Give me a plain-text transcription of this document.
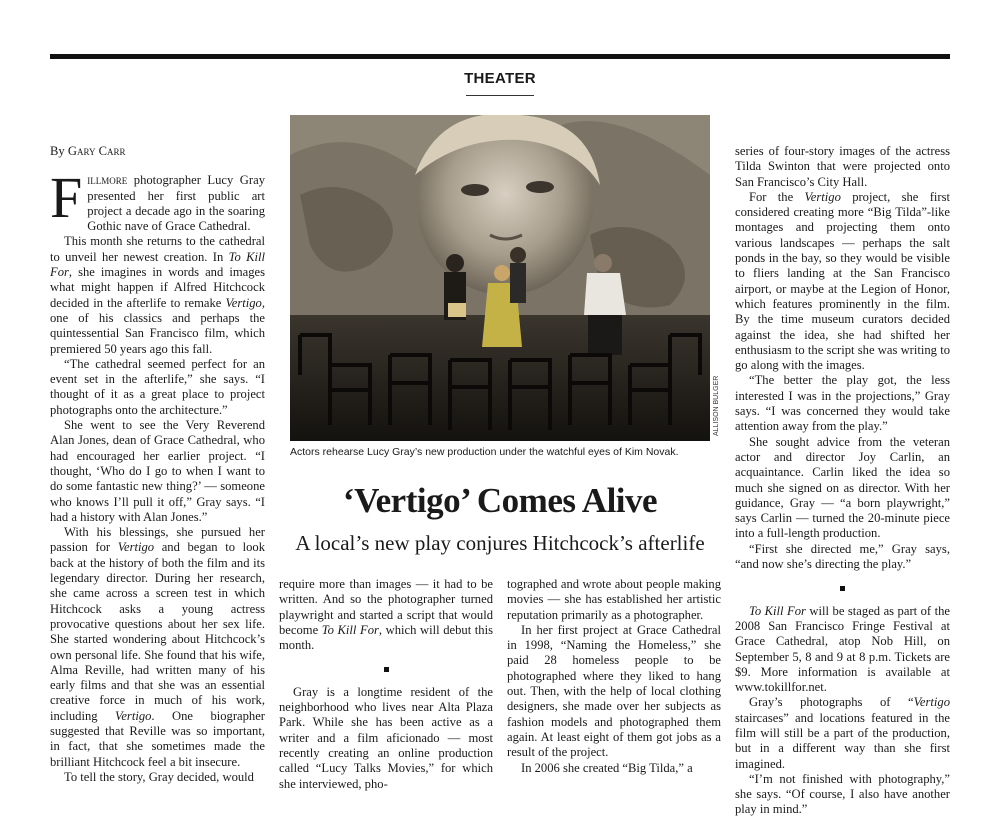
THEATER
ALLISON BULGER
Actors rehearse Lucy Gray’s new production under the watchful eyes of Kim Novak.
‘Vertigo’ Comes Alive
A local’s new play conjures Hitchcock’s afterlife
By Gary Carr

Fillmore photographer Lucy Gray presented her first public art project a decade ago in the soaring Gothic nave of Grace Cathedral.

This month she returns to the cathedral to unveil her newest creation. In To Kill For, she imagines in words and images what might happen if Alfred Hitchcock decided in the afterlife to remake Vertigo, one of his classics and perhaps the quintessential San Francisco film, which premiered 50 years ago this fall.

“The cathedral seemed perfect for an event set in the afterlife,” she says. “I thought of it as a great place to project photographs onto the architecture.”

She went to see the Very Reverend Alan Jones, dean of Grace Cathedral, who had encouraged her earlier project. “I thought, ‘Who do I go to when I want to do some fantastic new thing?’ — someone who knows I’ll pull it off,” Gray says. “I had a history with Alan Jones.”

With his blessings, she pursued her passion for Vertigo and began to look back at the history of both the film and its legendary director. During her research, she came across a screen test in which Hitchcock asks a young actress provocative questions about her sex life. She started wondering about Hitchcock’s own personal life. She found that his wife, Alma Reville, had written many of his early films and that she was an essential creative force in much of his work, including Vertigo. One biographer suggested that Reville was so important, in fact, that she sometimes made the brilliant Hitchcock feel a bit insecure.

To tell the story, Gray decided, would

require more than images — it had to be written. And so the photographer turned playwright and started a script that would become To Kill For, which will debut this month.

Gray is a longtime resident of the neighborhood who lives near Alta Plaza Park. While she has been active as a writer and a film aficionado — most recently creating an online production called “Lucy Talks Movies,” for which she interviewed, pho-

tographed and wrote about people making movies — she has established her artistic reputation primarily as a photographer.

In her first project at Grace Cathedral in 1998, “Naming the Homeless,” she paid 28 homeless people to be photographed where they liked to hang out. Then, with the help of local clothing designers, she made over her subjects as fashion models and photographed them again. At least eight of them got jobs as a result of the project.

In 2006 she created “Big Tilda,” a

series of four-story images of the actress Tilda Swinton that were projected onto San Francisco’s City Hall.

For the Vertigo project, she first considered creating more “Big Tilda”-like montages and projecting them onto various landscapes — perhaps the salt ponds in the bay, so they would be visible to fliers landing at the San Francisco airport, or maybe at the Legion of Honor, which features prominently in the film. By the time museum curators decided against the idea, she had shifted her enthusiasm to the script she was writing to go along with the images.

“The better the play got, the less interested I was in the projections,” Gray says. “I was concerned they would take attention away from the play.”

She sought advice from the veteran actor and director Joy Carlin, an acquaintance. Carlin liked the idea so much she signed on as director. With her guidance, Gray — “a born playwright,” says Carlin — turned the 20-minute piece into a full-length production.

“First she directed me,” Gray says, “and now she’s directing the play.”

To Kill For will be staged as part of the 2008 San Francisco Fringe Festival at Grace Cathedral, atop Nob Hill, on September 5, 8 and 9 at 8 p.m. Tickets are $9. More information is available at www.tokillfor.net.

Gray’s photographs of “Vertigo staircases” and locations featured in the film will still be a part of the production, but in a different way than she first imagined.

“I’m not finished with photography,” she says. “Of course, I also have another play in mind.”
